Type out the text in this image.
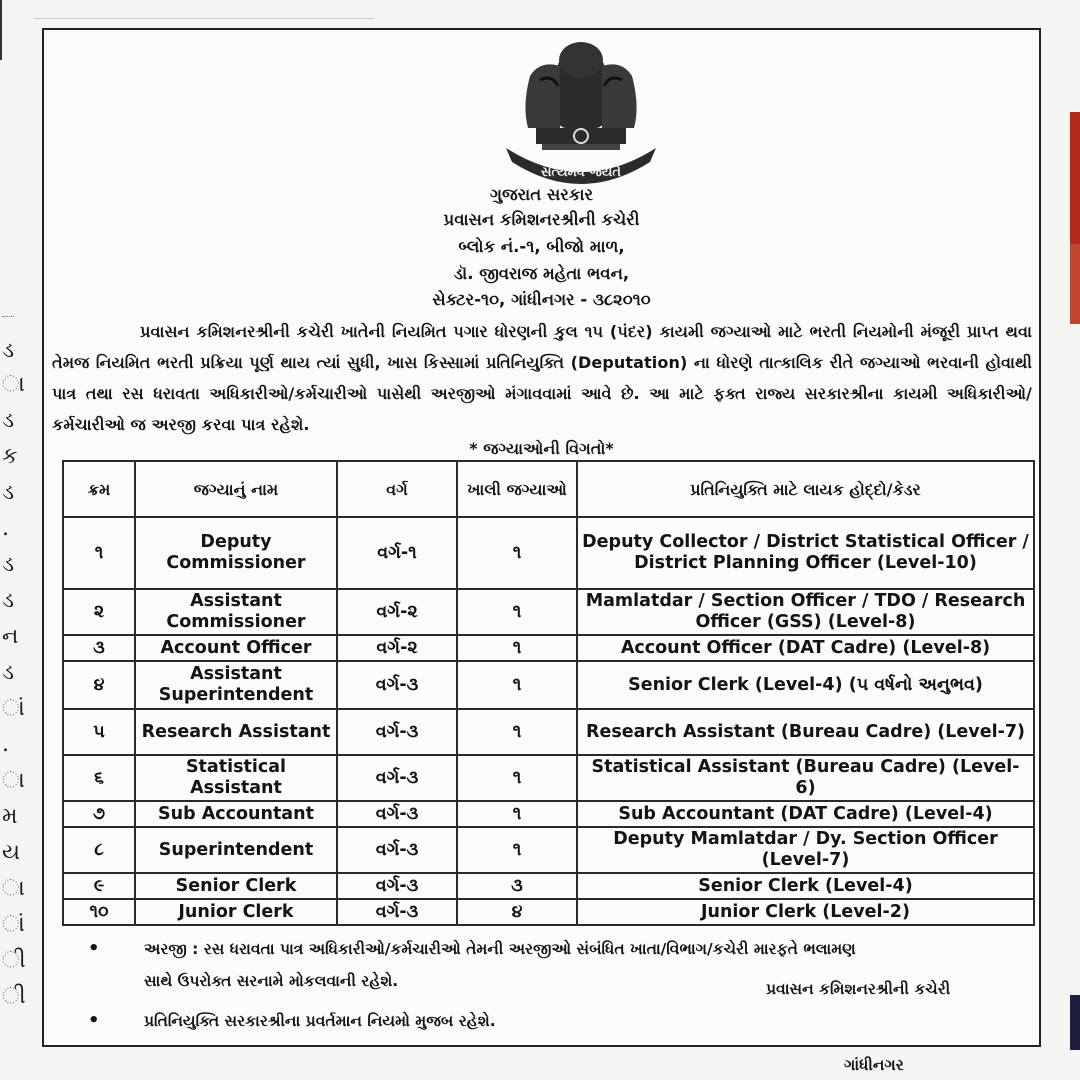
ડ
ા
ડ
ક
ડ
.
ડ
ડ
ન
ડ
ાં
.
ા
મ
ય
ા
ાં
ી
ી
સત્યમેવ જયતે
ગુજરાત સરકાર
પ્રવાસન કમિશનરશ્રીની કચેરી
બ્લોક નં.-૧, બીજો માળ,
ડૉ. જીવરાજ મહેતા ભવન,
સેક્ટર-૧૦, ગાંધીનગર - ૩૮૨૦૧૦
પ્રવાસન કમિશનરશ્રીની કચેરી ખાતેની નિયમિત પગાર ધોરણની કુલ ૧૫ (પંદર) કાયમી જગ્યાઓ માટે ભરતી નિયમોની મંજૂરી પ્રાપ્ત થવા તેમજ નિયમિત ભરતી પ્રક્રિયા પૂર્ણ થાય ત્યાં સુધી, ખાસ કિસ્સામાં પ્રતિનિયુક્તિ (Deputation) ના ધોરણે તાત્કાલિક રીતે જગ્યાઓ ભરવાની હોવાથી પાત્ર તથા રસ ધરાવતા અધિકારીઓ/કર્મચારીઓ પાસેથી અરજીઓ મંગાવવામાં આવે છે. આ માટે ફક્ત રાજ્ય સરકારશ્રીના કાયમી અધિકારીઓ/કર્મચારીઓ જ અરજી કરવા પાત્ર રહેશે.
* જગ્યાઓની વિગતો*
ક્રમ	જગ્યાનું નામ	વર્ગ	ખાલી જગ્યાઓ	પ્રતિનિયુક્તિ માટે લાયક હોદ્દો/કેડર
૧	Deputy Commissioner	વર્ગ-૧	૧	Deputy Collector / District Statistical Officer / District Planning Officer (Level-10)
૨	Assistant Commissioner	વર્ગ-૨	૧	Mamlatdar / Section Officer / TDO / Research Officer (GSS) (Level-8)
૩	Account Officer	વર્ગ-૨	૧	Account Officer (DAT Cadre) (Level-8)
૪	Assistant Superintendent	વર્ગ-૩	૧	Senior Clerk (Level-4) (૫ વર્ષનો અનુભવ)
૫	Research Assistant	વર્ગ-૩	૧	Research Assistant (Bureau Cadre) (Level-7)
૬	Statistical Assistant	વર્ગ-૩	૧	Statistical Assistant (Bureau Cadre) (Level-6)
૭	Sub Accountant	વર્ગ-૩	૧	Sub Accountant (DAT Cadre) (Level-4)
૮	Superintendent	વર્ગ-૩	૧	Deputy Mamlatdar / Dy. Section Officer (Level-7)
૯	Senior Clerk	વર્ગ-૩	૩	Senior Clerk (Level-4)
૧૦	Junior Clerk	વર્ગ-૩	૪	Junior Clerk (Level-2)
•	અરજી : રસ ધરાવતા પાત્ર અધિકારીઓ/કર્મચારીઓ તેમની અરજીઓ સંબંધિત ખાતા/વિભાગ/કચેરી મારફતે ભલામણ
સાથે ઉપરોક્ત સરનામે મોકલવાની રહેશે.	પ્રવાસન કમિશનરશ્રીની કચેરી
•	પ્રતિનિયુક્તિ સરકારશ્રીના પ્રવર્તમાન નિયમો મુજબ રહેશે.
ગાંધીનગર
